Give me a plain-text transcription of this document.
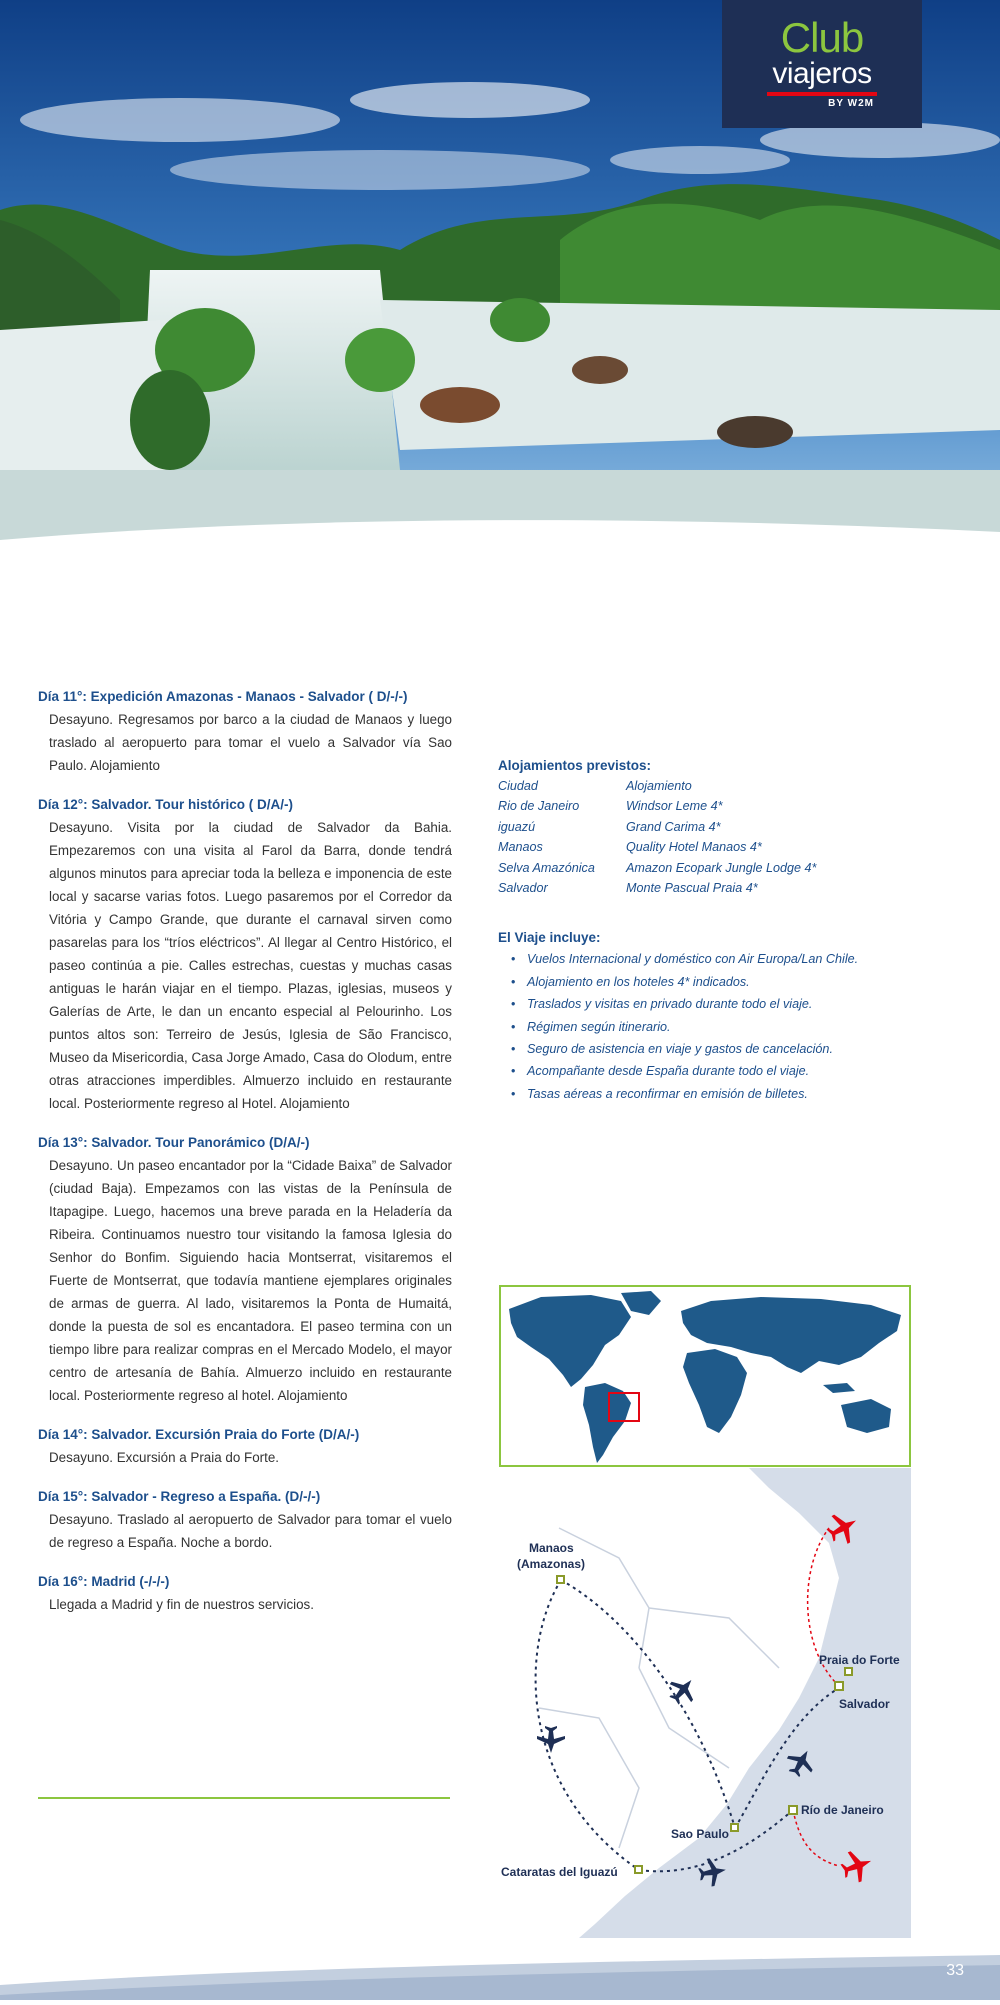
Club
viajeros
BY W2M
Día 11°: Expedición Amazonas - Manaos - Salvador ( D/-/-)

Desayuno. Regresamos por barco a la ciudad de Manaos y luego traslado al aeropuerto para tomar el vuelo a Salvador vía Sao Paulo. Alojamiento

Día 12°: Salvador. Tour histórico ( D/A/-)

Desayuno. Visita por la ciudad de Salvador da Bahia. Empezaremos con una visita al Farol da Barra, donde tendrá algunos minutos para apreciar toda la belleza e imponencia de este local y sacarse varias fotos. Luego pasaremos por el Corredor da Vitória y Campo Grande, que durante el carnaval sirven como pasarelas para los “tríos eléctricos”. Al llegar al Centro Histórico, el paseo continúa a pie. Calles estrechas, cuestas y muchas casas antiguas le harán viajar en el tiempo. Plazas, iglesias, museos y Galerías de Arte, le dan un encanto especial al Pelourinho. Los puntos altos son: Terreiro de Jesús, Iglesia de São Francisco, Museo da Misericordia, Casa Jorge Amado, Casa do Olodum, entre otras atracciones imperdibles. Almuerzo incluido en restaurante local. Posteriormente regreso al Hotel. Alojamiento

Día 13°: Salvador. Tour Panorámico (D/A/-)

Desayuno. Un paseo encantador por la “Cidade Baixa” de Salvador (ciudad Baja). Empezamos con las vistas de la Península de Itapagipe. Luego, hacemos una breve parada en la Heladería da Ribeira. Continuamos nuestro tour visitando la famosa Iglesia do Senhor do Bonfim. Siguiendo hacia Montserrat, visitaremos el Fuerte de Montserrat, que todavía mantiene ejemplares originales de armas de guerra. Al lado, visitaremos la Ponta de Humaitá, donde la puesta de sol es encantadora. El paseo termina con un tiempo libre para realizar compras en el Mercado Modelo, el mayor centro de artesanía de Bahía. Almuerzo incluido en restaurante local. Posteriormente regreso al hotel. Alojamiento

Día 14°: Salvador. Excursión Praia do Forte (D/A/-)

Desayuno. Excursión a Praia do Forte.

Día 15°: Salvador - Regreso a España. (D/-/-)

Desayuno. Traslado al aeropuerto de Salvador para tomar el vuelo de regreso a España. Noche a bordo.

Día 16°: Madrid (-/-/-)

Llegada a Madrid y fin de nuestros servicios.

Alojamientos previstos:
Ciudad	Alojamiento
Rio de Janeiro	Windsor Leme 4*
iguazú	Grand Carima 4*
Manaos	Quality Hotel Manaos 4*
Selva Amazónica	Amazon Ecopark Jungle Lodge 4*
Salvador	Monte Pascual Praia 4*
El Viaje incluye:
• Vuelos Internacional y doméstico con Air Europa/Lan Chile.
• Alojamiento en los hoteles 4* indicados.
• Traslados y visitas en privado durante todo el viaje.
• Régimen según itinerario.
• Seguro de asistencia en viaje y gastos de cancelación.
• Acompañante desde España durante todo el viaje.
• Tasas aéreas a reconfirmar en emisión de billetes.
Manaos
(Amazonas)
Praia do Forte
Salvador
Río de Janeiro
Sao Paulo
Cataratas del Iguazú
33
